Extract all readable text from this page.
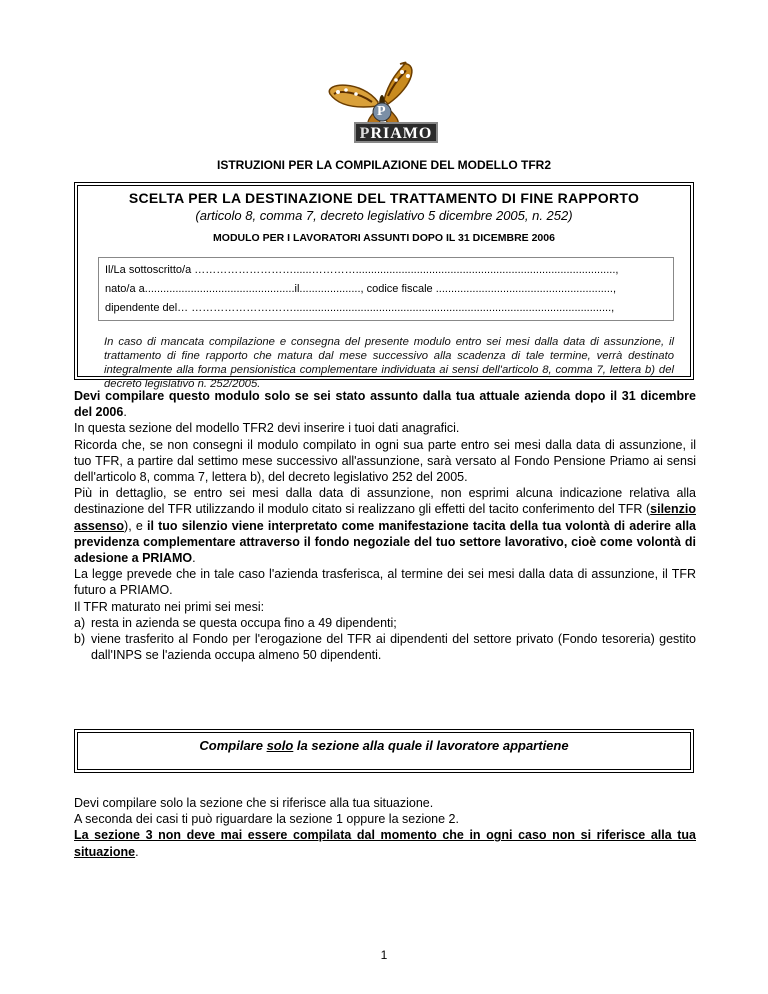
P
PRIAMO
ISTRUZIONI PER LA COMPILAZIONE DEL MODELLO TFR2
SCELTA PER LA DESTINAZIONE DEL TRATTAMENTO DI FINE RAPPORTO
(articolo 8, comma 7, decreto legislativo 5 dicembre 2005, n. 252)
MODULO PER I LAVORATORI ASSUNTI DOPO IL 31 DICEMBRE 2006
Il/La sottoscritto/a ………………………......………….....................................................................................,
nato/a a.................................................il...................., codice fiscale ..........................................................,
dipendente del… ………………….……........................................................................................................,
In caso di mancata compilazione e consegna del presente modulo entro sei mesi dalla data di assunzione, il trattamento di fine rapporto che matura dal mese successivo alla scadenza di tale termine, verrà destinato integralmente alla forma pensionistica complementare individuata ai sensi dell'articolo 8, comma 7, lettera b) del decreto legislativo n. 252/2005.

Devi compilare questo modulo solo se sei stato assunto dalla tua attuale azienda dopo il 31 dicembre del 2006.

In questa sezione del modello TFR2 devi inserire i tuoi dati anagrafici.

Ricorda che, se non consegni il modulo compilato in ogni sua parte entro sei mesi dalla data di assunzione, il tuo TFR, a partire dal settimo mese successivo all'assunzione, sarà versato al Fondo Pensione Priamo ai sensi dell'articolo 8, comma 7, lettera b), del decreto legislativo 252 del 2005.

Più in dettaglio, se entro sei mesi dalla data di assunzione, non esprimi alcuna indicazione relativa alla destinazione del TFR utilizzando il modulo citato si realizzano gli effetti del tacito conferimento del TFR (silenzio assenso), e il tuo silenzio viene interpretato come manifestazione tacita della tua volontà di aderire alla previdenza complementare attraverso il fondo negoziale del tuo settore lavorativo, cioè come volontà di adesione a PRIAMO.

La legge prevede che in tale caso l'azienda trasferisca, al termine dei sei mesi dalla data di assunzione, il TFR futuro a PRIAMO.

Il TFR maturato nei primi sei mesi:

a) resta in azienda se questa occupa fino a 49 dipendenti;
b) viene trasferito al Fondo per l'erogazione del TFR ai dipendenti del settore privato (Fondo tesoreria) gestito dall'INPS se l'azienda occupa almeno 50 dipendenti.
Compilare solo la sezione alla quale il lavoratore appartiene

Devi compilare solo la sezione che si riferisce alla tua situazione.

A seconda dei casi ti può riguardare la sezione 1 oppure la sezione 2.

La sezione 3 non deve mai essere compilata dal momento che in ogni caso non si riferisce alla tua situazione.

1
